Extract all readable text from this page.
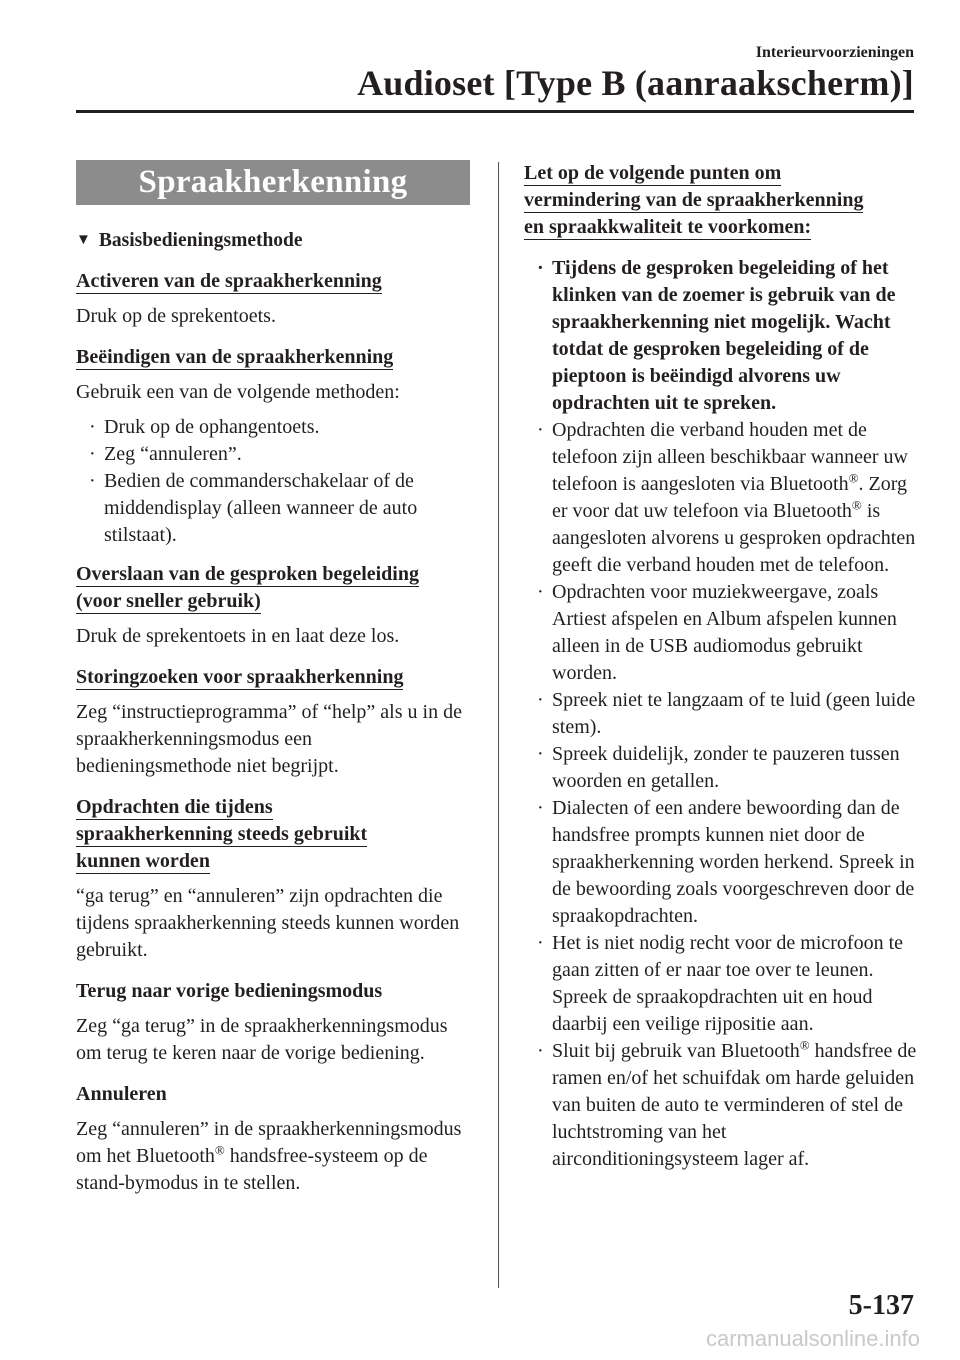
Interieurvoorzieningen
Audioset [Type B (aanraakscherm)]
Spraakherkenning
▼ Basisbedieningsmethode
Activeren van de spraakherkenning

Druk op de sprekentoets.

Beëindigen van de spraakherkenning

Gebruik een van de volgende methoden:

· Druk op de ophangentoets.
· Zeg “annuleren”.
· Bedien de commanderschakelaar of de middendisplay (alleen wanneer de auto stilstaat).
Overslaan van de gesproken begeleiding
(voor sneller gebruik)

Druk de sprekentoets in en laat deze los.

Storingzoeken voor spraakherkenning

Zeg “instructieprogramma” of “help” als u in de spraakherkenningsmodus een bedieningsmethode niet begrijpt.

Opdrachten die tijdens
spraakherkenning steeds gebruikt
kunnen worden

“ga terug” en “annuleren” zijn opdrachten die tijdens spraakherkenning steeds kunnen worden gebruikt.

Terug naar vorige bedieningsmodus

Zeg “ga terug” in de spraakherkenningsmodus om terug te keren naar de vorige bediening.

Annuleren

Zeg “annuleren” in de spraakherkenningsmodus om het Bluetooth® handsfree-systeem op de stand-bymodus in te stellen.

Let op de volgende punten om
vermindering van de spraakherkenning
en spraakkwaliteit te voorkomen:
· Tijdens de gesproken begeleiding of het klinken van de zoemer is gebruik van de spraakherkenning niet mogelijk. Wacht totdat de gesproken begeleiding of de pieptoon is beëindigd alvorens uw opdrachten uit te spreken.
· Opdrachten die verband houden met de telefoon zijn alleen beschikbaar wanneer uw telefoon is aangesloten via Bluetooth®. Zorg er voor dat uw telefoon via Bluetooth® is aangesloten alvorens u gesproken opdrachten geeft die verband houden met de telefoon.
· Opdrachten voor muziekweergave, zoals Artiest afspelen en Album afspelen kunnen alleen in de USB audiomodus gebruikt worden.
· Spreek niet te langzaam of te luid (geen luide stem).
· Spreek duidelijk, zonder te pauzeren tussen woorden en getallen.
· Dialecten of een andere bewoording dan de handsfree prompts kunnen niet door de spraakherkenning worden herkend. Spreek in de bewoording zoals voorgeschreven door de spraakopdrachten.
· Het is niet nodig recht voor de microfoon te gaan zitten of er naar toe over te leunen. Spreek de spraakopdrachten uit en houd daarbij een veilige rijpositie aan.
· Sluit bij gebruik van Bluetooth® handsfree de ramen en/of het schuifdak om harde geluiden van buiten de auto te verminderen of stel de luchtstroming van het airconditioningsysteem lager af.
5-137
carmanualsonline.info
